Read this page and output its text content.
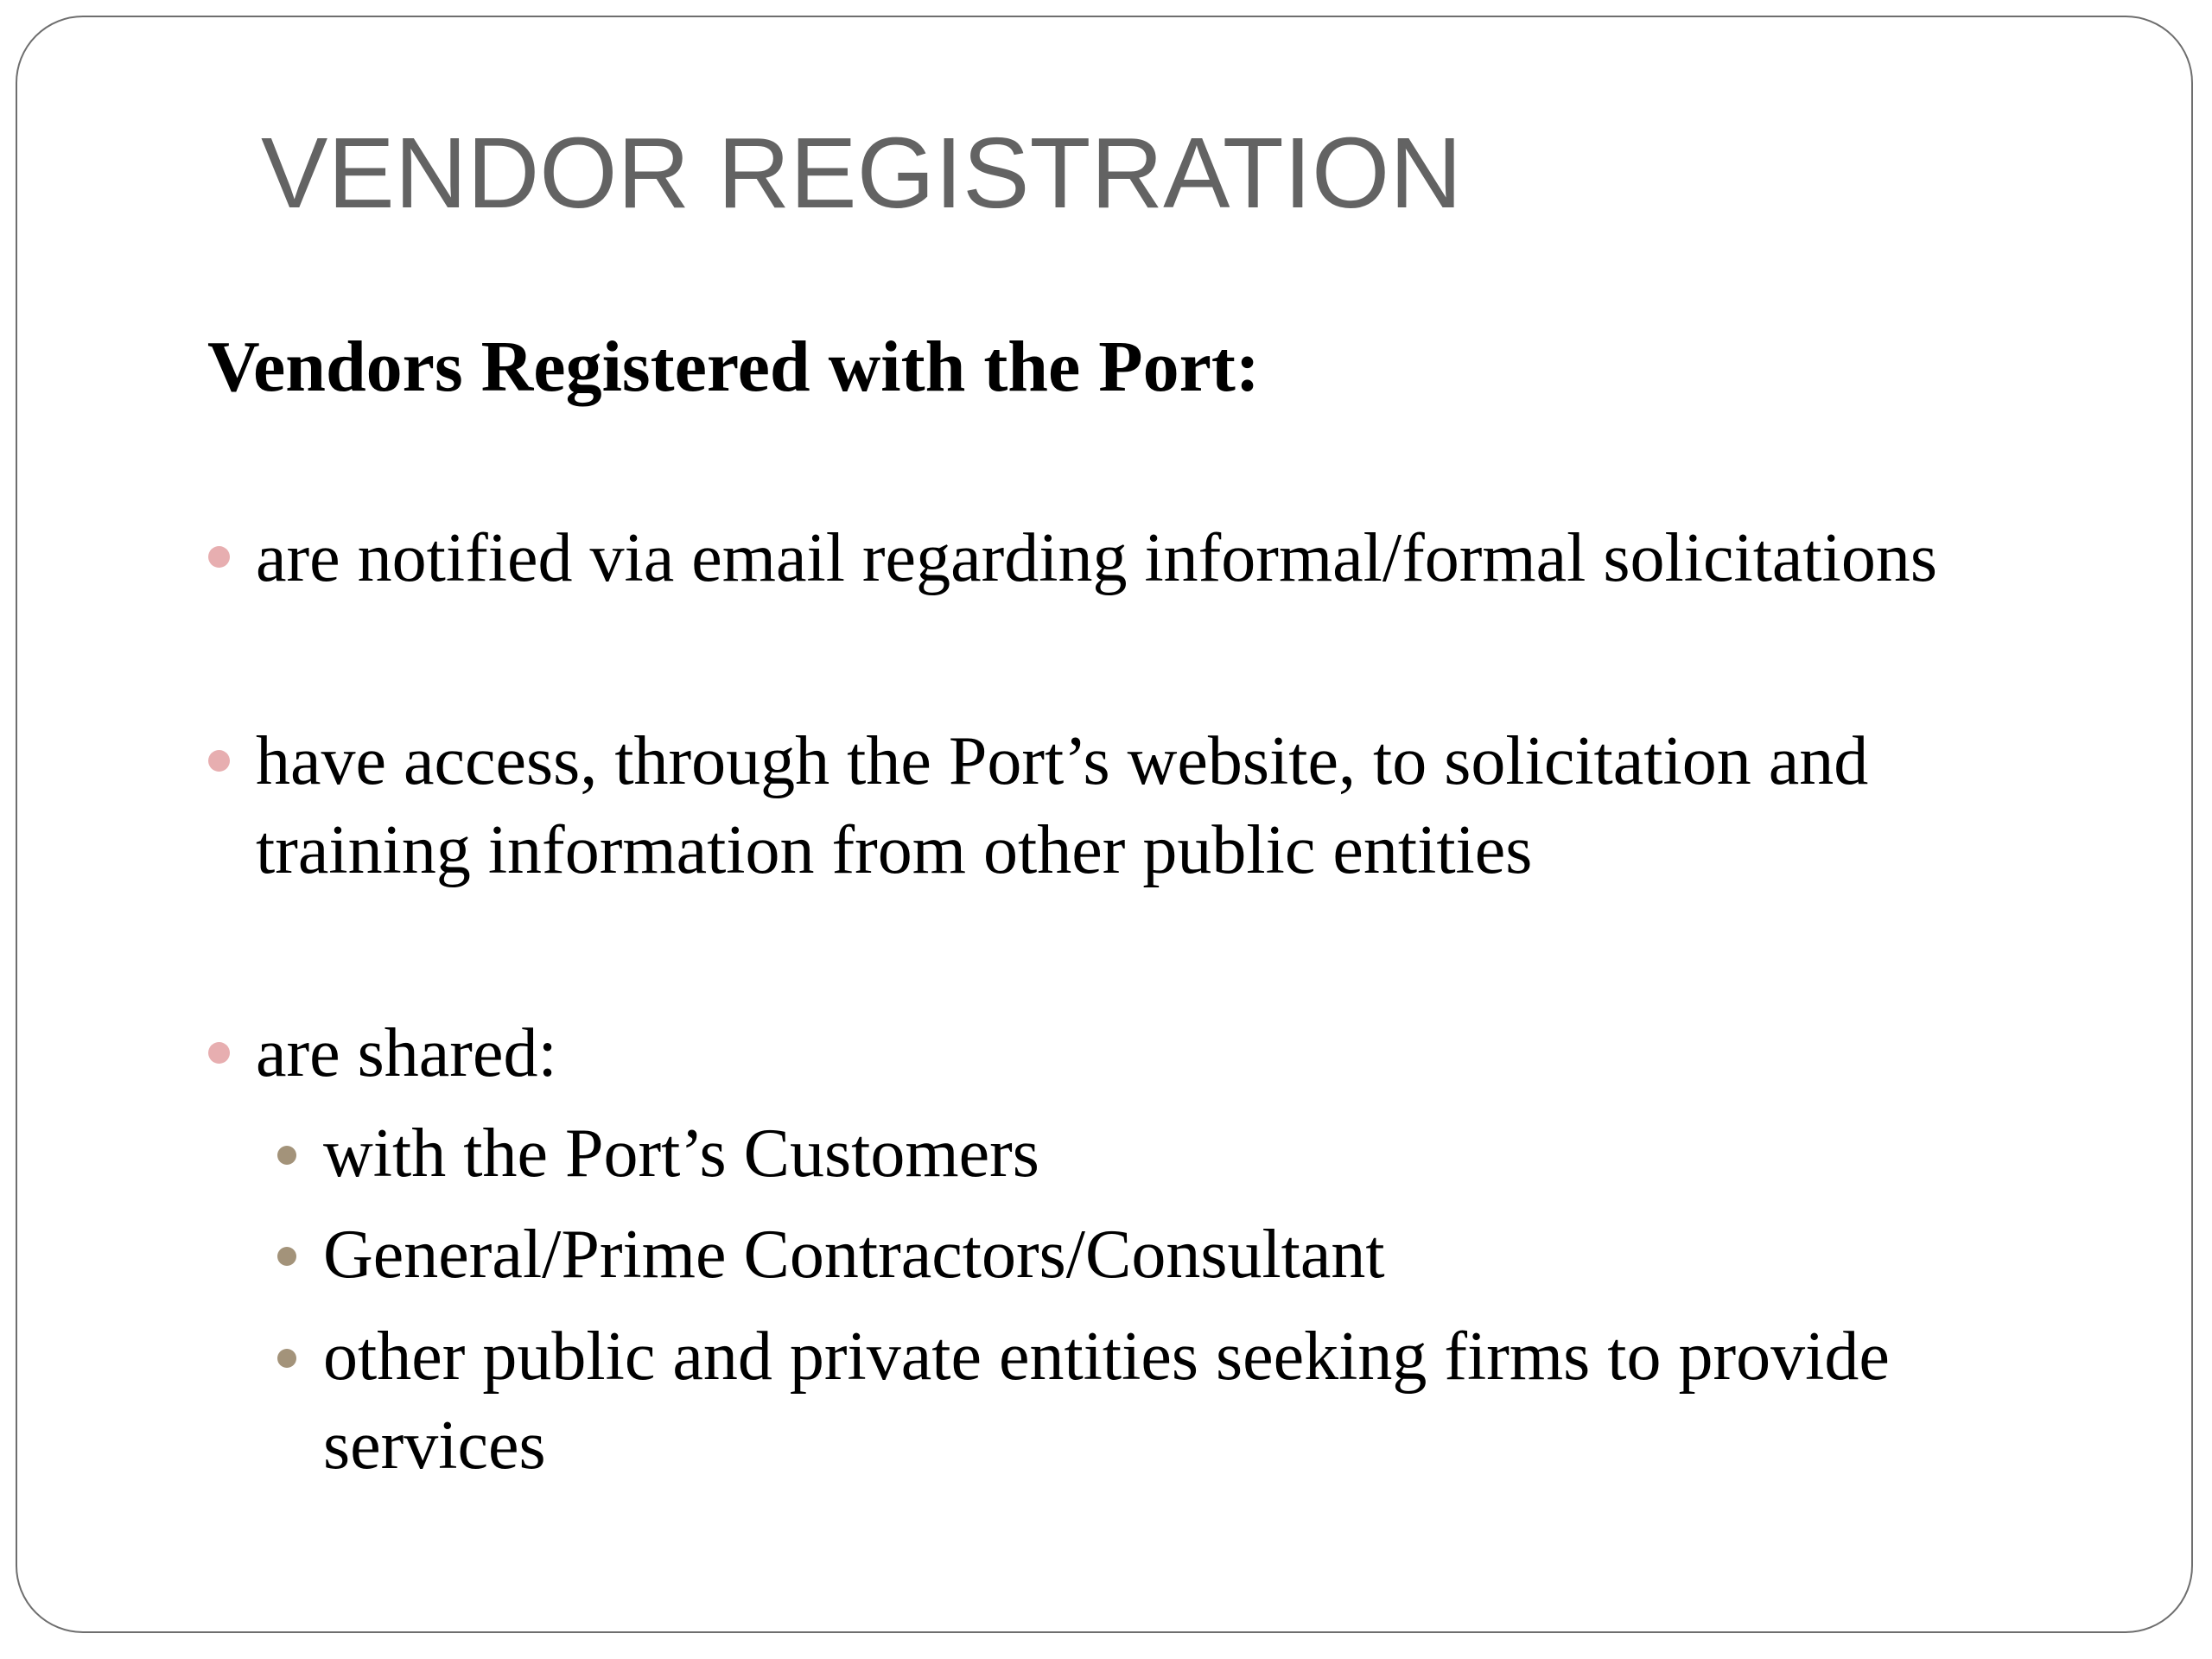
VENDOR REGISTRATION

Vendors Registered with the Port:

are notified via email regarding informal/formal solicitations

have access, through the Port’s website, to solicitation and

training information from other public entities

are shared:

with the Port’s Customers

General/Prime Contractors/Consultant

other public and private entities seeking firms to provide

services
